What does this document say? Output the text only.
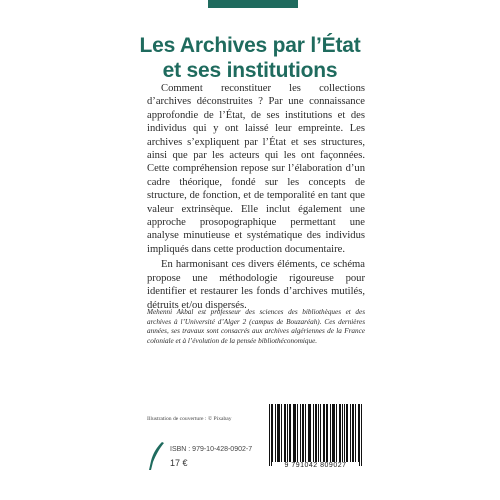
Les Archives par l’État
et ses institutions

Comment reconstituer les collections d’archives déconstruites ? Par une connaissance approfondie de l’État, de ses institutions et des individus qui y ont laissé leur empreinte. Les archives s’expliquent par l’État et ses structures, ainsi que par les acteurs qui les ont façonnées. Cette compréhension repose sur l’élaboration d’un cadre théorique, fondé sur les concepts de structure, de fonction, et de temporalité en tant que valeur extrinsèque. Elle inclut également une approche prosopographique permettant une analyse minutieuse et systématique des individus impliqués dans cette production documentaire.

En harmonisant ces divers éléments, ce schéma propose une méthodologie rigoureuse pour identifier et restaurer les fonds d’archives mutilés, détruits et/ou dispersés.

Mehenni Akbal est professeur des sciences des bibliothèques et des archives à l’Université d’Alger 2 (campus de Bouzaréah). Ces dernières années, ses travaux sont consacrés aux archives algériennes de la France coloniale et à l’évolution de la pensée bibliothéconomique.
Illustration de couverture : © Pixabay
ISBN : 979-10-428-0902-7
17 €	9 791042 809027
